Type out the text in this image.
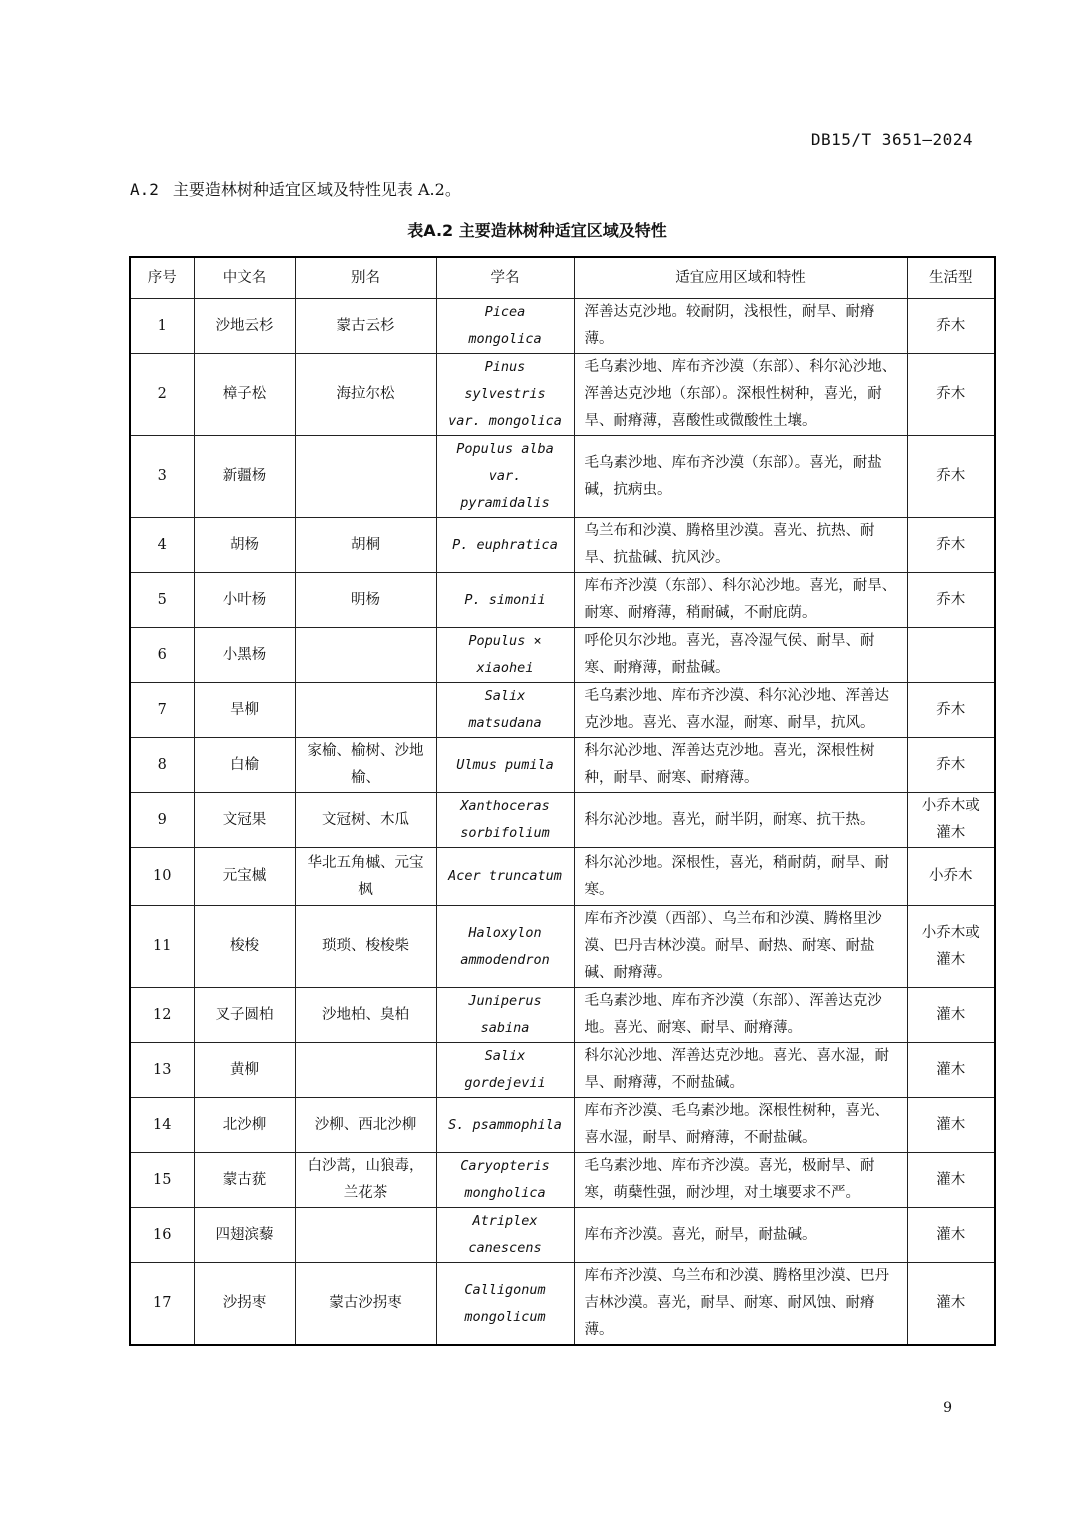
DB15/T 3651—2024
A.2 主要造林树种适宜区域及特性见表 A.2。
表A.2 主要造林树种适宜区域及特性
序号	中文名	别名	学名	适宜应用区域和特性	生活型
1	沙地云杉	蒙古云杉	Picea mongolica	浑善达克沙地。较耐阴，浅根性，耐旱、耐瘠薄。	乔木
2	樟子松	海拉尔松	Pinus sylvestris var. mongolica	毛乌素沙地、库布齐沙漠（东部）、科尔沁沙地、浑善达克沙地（东部）。深根性树种，喜光，耐旱、耐瘠薄，喜酸性或微酸性土壤。	乔木
3	新疆杨		Populus alba var. pyramidalis	毛乌素沙地、库布齐沙漠（东部）。喜光，耐盐碱，抗病虫。	乔木
4	胡杨	胡桐	P. euphratica	乌兰布和沙漠、腾格里沙漠。喜光、抗热、耐旱、抗盐碱、抗风沙。	乔木
5	小叶杨	明杨	P. simonii	库布齐沙漠（东部）、科尔沁沙地。喜光，耐旱、耐寒、耐瘠薄，稍耐碱，不耐庇荫。	乔木
6	小黑杨		Populus × xiaohei	呼伦贝尔沙地。喜光，喜冷湿气侯、耐旱、耐寒、耐瘠薄，耐盐碱。	
7	旱柳		Salix matsudana	毛乌素沙地、库布齐沙漠、科尔沁沙地、浑善达克沙地。喜光、喜水湿，耐寒、耐旱，抗风。	乔木
8	白榆	家榆、榆树、沙地榆、	Ulmus pumila	科尔沁沙地、浑善达克沙地。喜光，深根性树种，耐旱、耐寒、耐瘠薄。	乔木
9	文冠果	文冠树、木瓜	Xanthoceras sorbifolium	科尔沁沙地。喜光，耐半阴，耐寒、抗干热。	小乔木或灌木
10	元宝槭	华北五角槭、元宝枫	Acer truncatum	科尔沁沙地。深根性，喜光，稍耐荫，耐旱、耐寒。	小乔木
11	梭梭	琐琐、梭梭柴	Haloxylon ammodendron	库布齐沙漠（西部）、乌兰布和沙漠、腾格里沙漠、巴丹吉林沙漠。耐旱、耐热、耐寒、耐盐碱、耐瘠薄。	小乔木或灌木
12	叉子圆柏	沙地柏、臭柏	Juniperus sabina	毛乌素沙地、库布齐沙漠（东部）、浑善达克沙地。喜光、耐寒、耐旱、耐瘠薄。	灌木
13	黄柳		Salix gordejevii	科尔沁沙地、浑善达克沙地。喜光、喜水湿，耐旱、耐瘠薄，不耐盐碱。	灌木
14	北沙柳	沙柳、西北沙柳	S. psammophila	库布齐沙漠、毛乌素沙地。深根性树种，喜光、喜水湿，耐旱、耐瘠薄，不耐盐碱。	灌木
15	蒙古莸	白沙蒿，山狼毒，兰花茶	Caryopteris mongholica	毛乌素沙地、库布齐沙漠。喜光，极耐旱、耐寒，萌蘖性强，耐沙埋，对土壤要求不严。	灌木
16	四翅滨藜		Atriplex canescens	库布齐沙漠。喜光，耐旱，耐盐碱。	灌木
17	沙拐枣	蒙古沙拐枣	Calligonum mongolicum	库布齐沙漠、乌兰布和沙漠、腾格里沙漠、巴丹吉林沙漠。喜光，耐旱、耐寒、耐风蚀、耐瘠薄。	灌木
9
